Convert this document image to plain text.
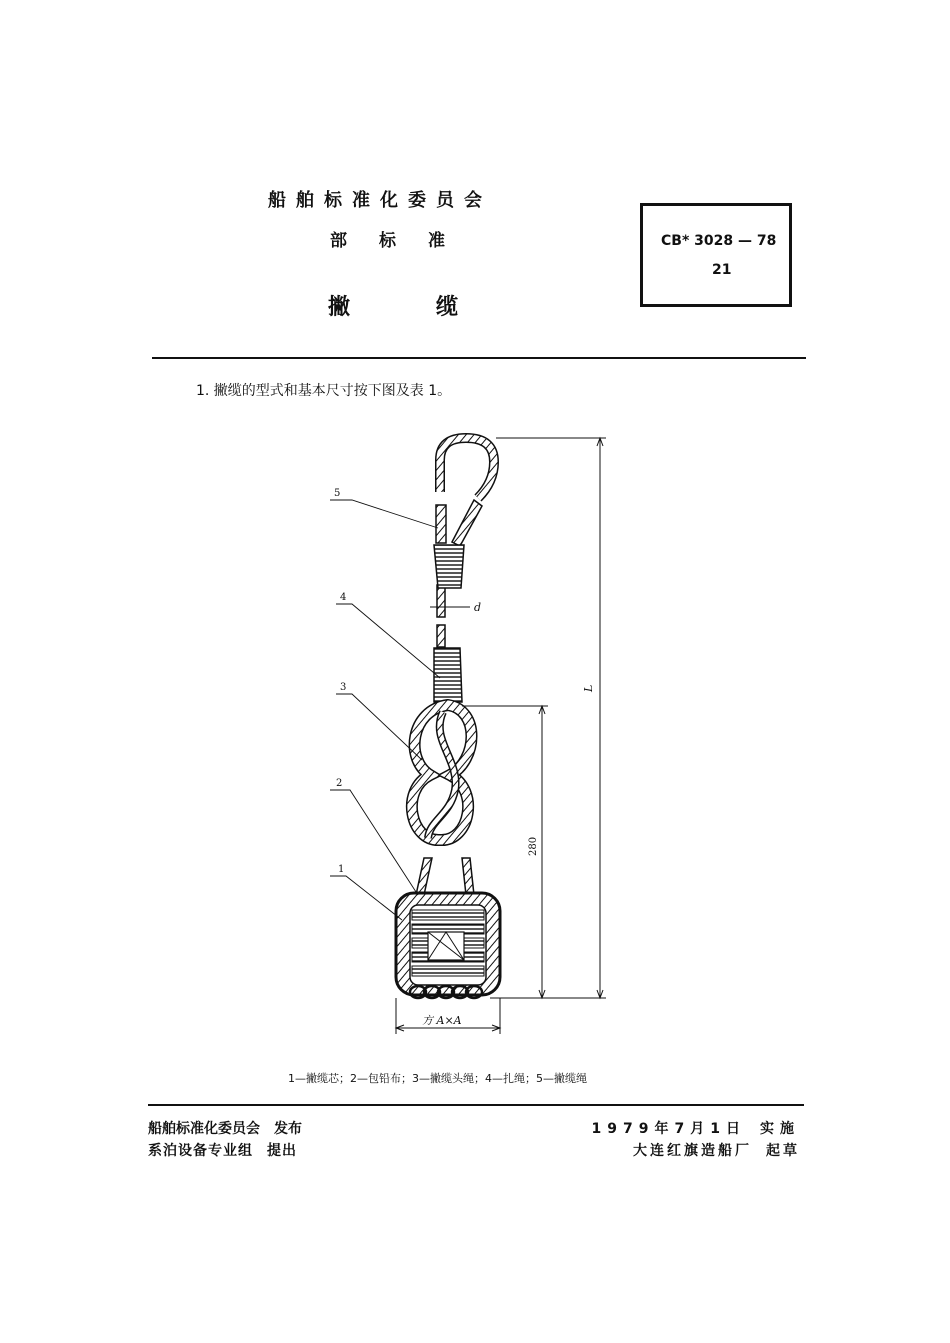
船舶标准化委员会
部标准
撇缆
CB* 3028 — 78
21
1. 撇缆的型式和基本尺寸按下图及表 1。
d
L
280
方 A×A
5
4
3
2
1
1—撇缆芯；2—包铅布；3—撇缆头绳；4—扎绳；5—撇缆绳
船舶标准化委员会 发布
系泊设备专业组 提出
1979年7月1日 实施
大连红旗造船厂 起草
